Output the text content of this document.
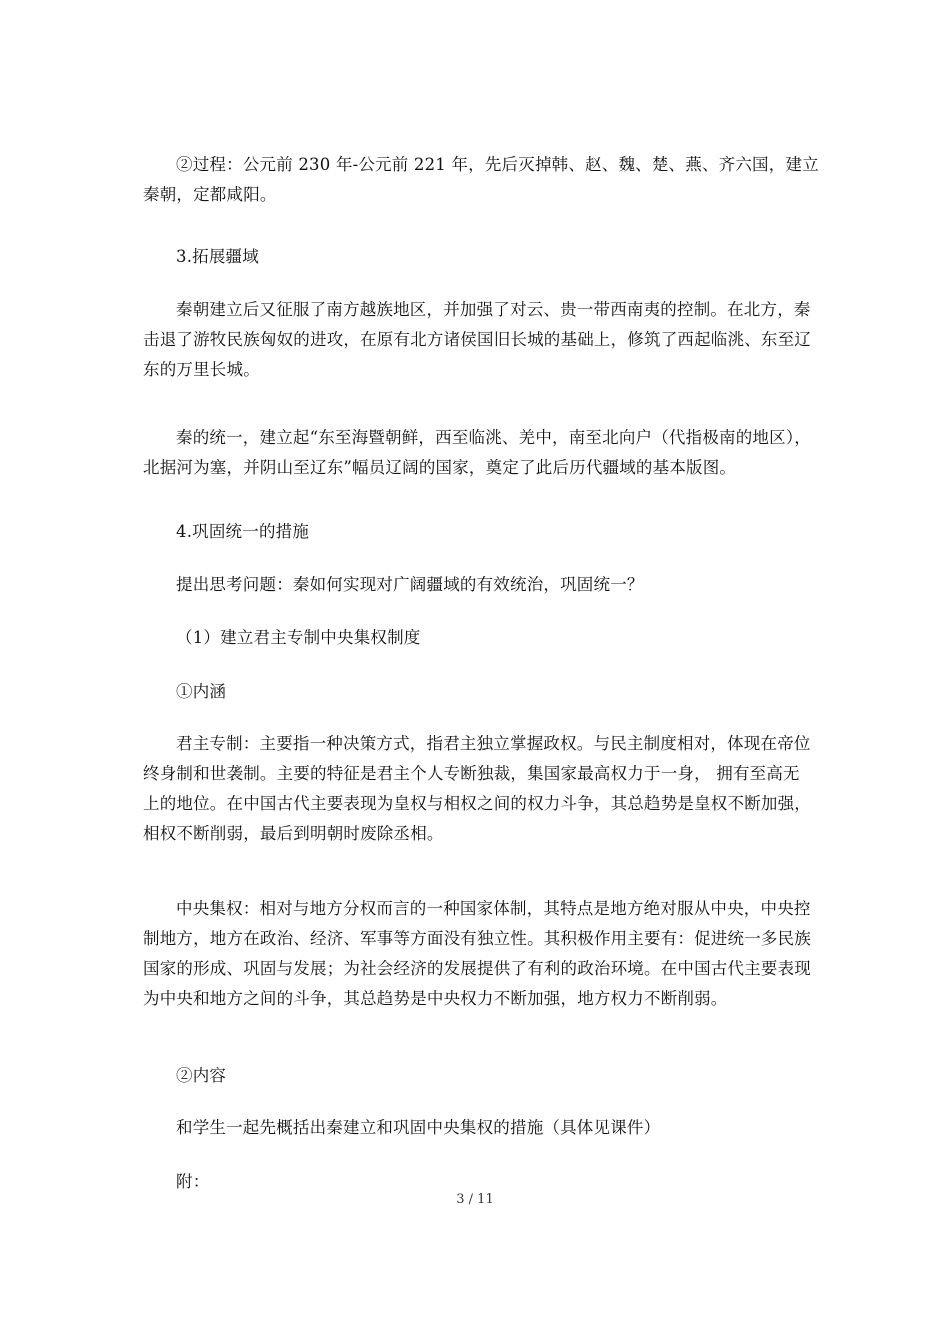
②过程：公元前 230 年-公元前 221 年，先后灭掉韩、赵、魏、楚、燕、齐六国，建立
秦朝，定都咸阳。

3.拓展疆域

秦朝建立后又征服了南方越族地区，并加强了对云、贵一带西南夷的控制。在北方，秦
击退了游牧民族匈奴的进攻，在原有北方诸侯国旧长城的基础上，修筑了西起临洮、东至辽
东的万里长城。

秦的统一，建立起“东至海暨朝鲜，西至临洮、羌中，南至北向户（代指极南的地区），
北据河为塞，并阴山至辽东”幅员辽阔的国家，奠定了此后历代疆域的基本版图。

4.巩固统一的措施

提出思考问题：秦如何实现对广阔疆域的有效统治，巩固统一？

（1）建立君主专制中央集权制度

①内涵

君主专制：主要指一种决策方式，指君主独立掌握政权。与民主制度相对，体现在帝位
终身制和世袭制。主要的特征是君主个人专断独裁，集国家最高权力于一身， 拥有至高无
上的地位。在中国古代主要表现为皇权与相权之间的权力斗争，其总趋势是皇权不断加强，
相权不断削弱，最后到明朝时废除丞相。

中央集权：相对与地方分权而言的一种国家体制，其特点是地方绝对服从中央，中央控
制地方，地方在政治、经济、军事等方面没有独立性。其积极作用主要有：促进统一多民族
国家的形成、巩固与发展；为社会经济的发展提供了有利的政治环境。在中国古代主要表现
为中央和地方之间的斗争，其总趋势是中央权力不断加强，地方权力不断削弱。

②内容

和学生一起先概括出秦建立和巩固中央集权的措施（具体见课件）

附：

3 / 11
